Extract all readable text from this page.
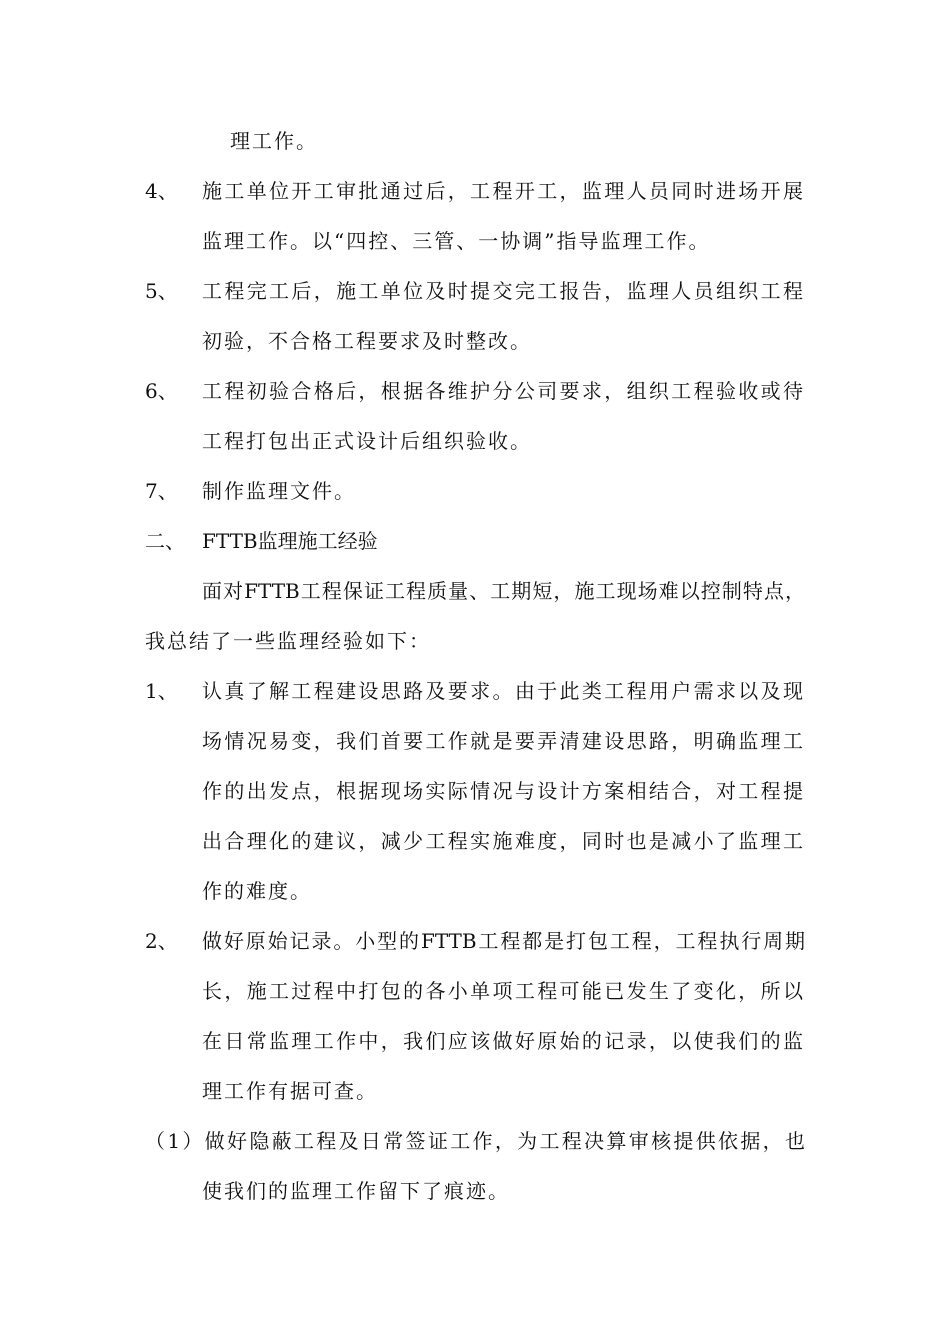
理工作。
4、 施工单位开工审批通过后，工程开工，监理人员同时进场开展
监理工作。以“四控、三管、一协调”指导监理工作。
5、 工程完工后，施工单位及时提交完工报告，监理人员组织工程
初验，不合格工程要求及时整改。
6、 工程初验合格后，根据各维护分公司要求，组织工程验收或待
工程打包出正式设计后组织验收。
7、 制作监理文件。
二、 FTTB监理施工经验
面对FTTB工程保证工程质量、工期短，施工现场难以控制特点，
我总结了一些监理经验如下：
1、 认真了解工程建设思路及要求。由于此类工程用户需求以及现
场情况易变，我们首要工作就是要弄清建设思路，明确监理工
作的出发点，根据现场实际情况与设计方案相结合，对工程提
出合理化的建议，减少工程实施难度，同时也是减小了监理工
作的难度。
2、 做好原始记录。小型的FTTB工程都是打包工程，工程执行周期
长，施工过程中打包的各小单项工程可能已发生了变化，所以
在日常监理工作中，我们应该做好原始的记录，以使我们的监
理工作有据可查。
（1）做好隐蔽工程及日常签证工作，为工程决算审核提供依据，也
使我们的监理工作留下了痕迹。
